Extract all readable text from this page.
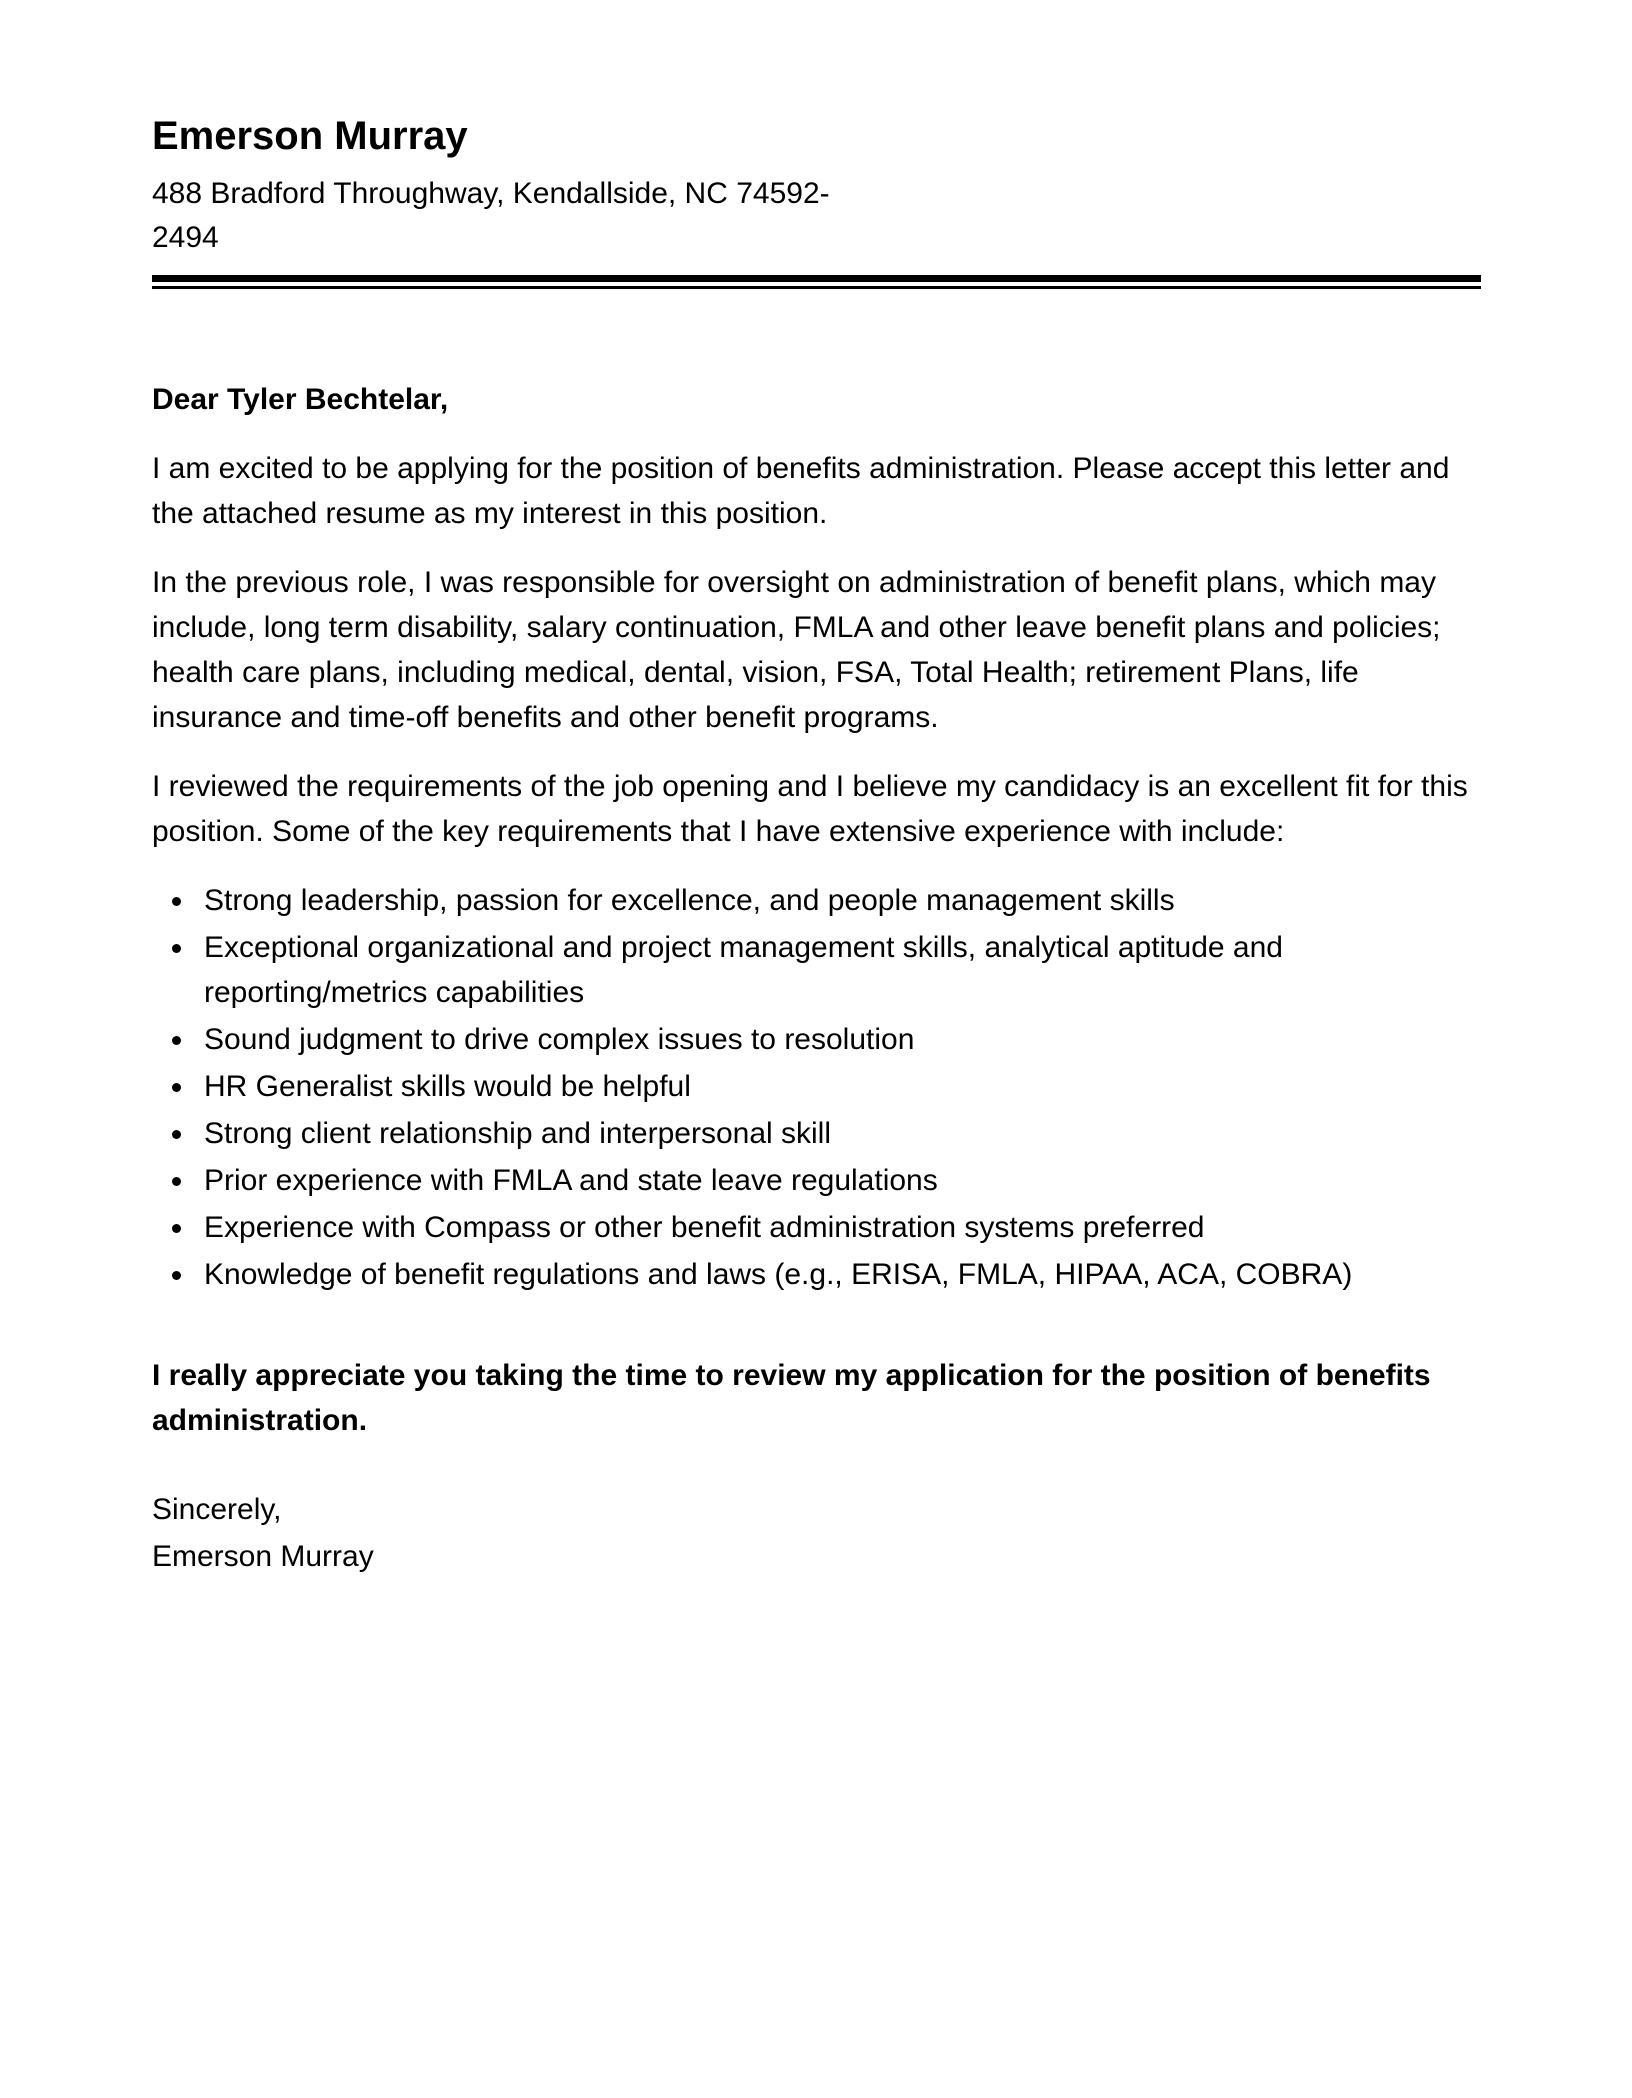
Emerson Murray
488 Bradford Throughway, Kendallside, NC 74592-
2494
Dear Tyler Bechtelar,

I am excited to be applying for the position of benefits administration. Please accept this letter and the attached resume as my interest in this position.

In the previous role, I was responsible for oversight on administration of benefit plans, which may include, long term disability, salary continuation, FMLA and other leave benefit plans and policies; health care plans, including medical, dental, vision, FSA, Total Health; retirement Plans, life insurance and time-off benefits and other benefit programs.

I reviewed the requirements of the job opening and I believe my candidacy is an excellent fit for this position. Some of the key requirements that I have extensive experience with include:

• Strong leadership, passion for excellence, and people management skills
• Exceptional organizational and project management skills, analytical aptitude and reporting/metrics capabilities
• Sound judgment to drive complex issues to resolution
• HR Generalist skills would be helpful
• Strong client relationship and interpersonal skill
• Prior experience with FMLA and state leave regulations
• Experience with Compass or other benefit administration systems preferred
• Knowledge of benefit regulations and laws (e.g., ERISA, FMLA, HIPAA, ACA, COBRA)

I really appreciate you taking the time to review my application for the position of benefits administration.

Sincerely,
Emerson Murray
